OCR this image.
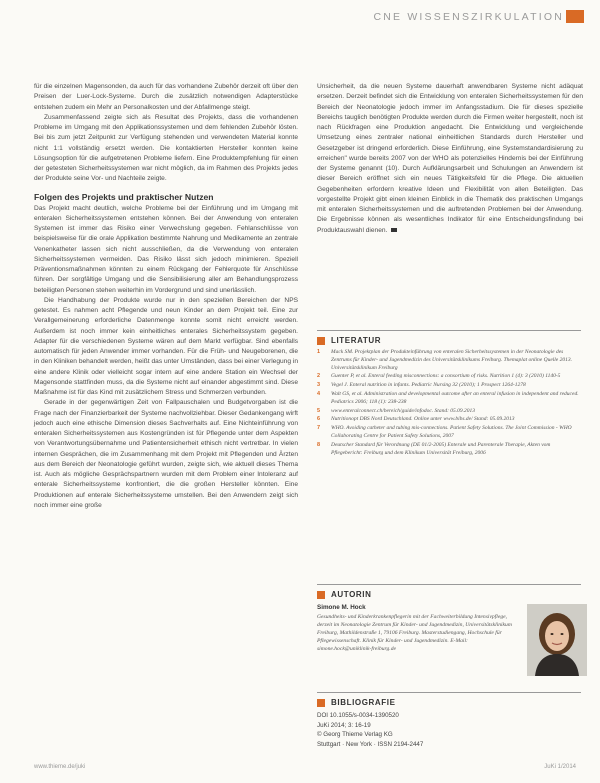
CNE WISSENSZIRKULATION

für die einzelnen Magensonden, da auch für das vorhandene Zubehör derzeit oft über den Preisen der Luer-Lock-Systeme. Durch die zusätzlich notwendigen Adapterstücke entstehen zudem ein Mehr an Personalkosten und der Abfallmenge steigt.

Zusammenfassend zeigte sich als Resultat des Projekts, dass die vorhandenen Probleme im Umgang mit den Applikationssystemen und dem fehlenden Zubehör lösten. Bei bis zum jetzt Zeitpunkt zur Verfügung stehenden und verwendeten Material konnte nicht 1:1 vollständig ersetzt werden. Die kontaktierten Hersteller konnten keine Lösungsoption für die aufgetretenen Probleme liefern. Eine Produktempfehlung für einen der getesteten Sicherheitssystemen war nicht möglich, da im Rahmen des Projekts jedes der Produkte seine Vor- und Nachteile zeigte.

Folgen des Projekts und praktischer Nutzen

Das Projekt macht deutlich, welche Probleme bei der Einführung und im Umgang mit enteralen Sicherheitssystemen entstehen können. Bei der Anwendung von enteralen Systemen ist immer das Risiko einer Verwechslung gegeben. Fehlanschlüsse von beispielsweise für die orale Applikation bestimmte Nahrung und Medikamente an zentrale Venenkatheter lassen sich nicht ausschließen, da die Verwendung von enteralen Sicherheitssystemen vermeiden. Das Risiko lässt sich jedoch minimieren. Speziell Präventionsmaßnahmen könnten zu einem Rückgang der Fehlerquote für Anschlüsse führen. Der sorgfältige Umgang und die Sensibilisierung aller am Behandlungsprozess beteiligten Personen stehen weiterhin im Vordergrund und sind unerlässlich.

Die Handhabung der Produkte wurde nur in den speziellen Bereichen der NPS getestet. Es nahmen acht Pflegende und neun Kinder an dem Projekt teil. Eine zur Verallgemeinerung erforderliche Datenmenge konnte somit nicht erreicht werden. Außerdem ist noch immer kein einheitliches enterales Sicherheitssystem gegeben. Adapter für die verschiedenen Systeme wären auf dem Markt verfügbar. Sind ebenfalls automatisch für jeden Anwender immer vorhanden. Für die Früh- und Neugeborenen, die in den Kliniken behandelt werden, heißt das unter Umständen, dass bei einer Verlegung in eine andere Klinik oder vielleicht sogar intern auf eine andere Station ein Wechsel der Magensonde stattfinden muss, da die Systeme nicht auf einander abgestimmt sind. Diese Maßnahme ist für das Kind mit zusätzlichem Stress und Schmerzen verbunden.

Gerade in der gegenwärtigen Zeit von Fallpauschalen und Budgetvorgaben ist die Frage nach der Finanzierbarkeit der Systeme nachvollziehbar. Dieser Gedankengang wirft jedoch auch eine ethische Dimension dieses Sachverhalts auf. Eine Nichteinführung von enteralen Sicherheitssystemen aus Kostengründen ist für Pflegende unter dem Aspekten von Verantwortungsübernahme und Patientensicherheit ethisch nicht vertretbar. In vielen internen Gesprächen, die im Zusammenhang mit dem Projekt mit Pflegenden und Ärzten aus dem Bereich der Neonatologie geführt wurden, zeigte sich, wie aktuell dieses Thema ist. Auch als mögliche Gesprächspartnern wurden mit dem Problem einer Intoleranz auf enterale Sicherheitssysteme konfrontiert, die die großen Hersteller könnten. Eine Produktionen auf enterale Sicherheitssysteme umstellen. Bei den Anwendern zeigt sich noch immer eine große

Unsicherheit, da die neuen Systeme dauerhaft anwendbaren Systeme nicht adäquat ersetzen. Derzeit befindet sich die Entwicklung von enteralen Sicherheitssystemen für den Bereich der Neonatologie jedoch immer im Anfangsstadium. Die für dieses spezielle Bereichs tauglich benötigten Produkte werden durch die Firmen weiter hergestellt, noch ist nach Rückfragen eine Produktion angedacht. Die Entwicklung und vergleichende Umsetzung eines zentraler national einheitlichen Standards durch Hersteller und Gesetzgeber ist dringend erforderlich. Diese Einführung, eine Systemstandardisierung zu erreichen" wurde bereits 2007 von der WHO als potenzielles Hindernis bei der Einführung der Systeme genannt (10). Durch Aufklärungsarbeit und Schulungen an Anwendern ist dieser Bereich eröffnet sich ein neues Tätigkeitsfeld für die Pflege. Die aktuellen Gegebenheiten erfordern kreative Ideen und Flexibilität von allen Beteiligten. Das vorgestellte Projekt gibt einen kleinen Einblick in die Thematik des praktischen Umgangs mit enteralen Sicherheitssystemen und die auftretenden Problemen bei der Anwendung. Die Ergebnisse können als wesentliches Indikator für eine Entscheidungsfindung bei Produktauswahl dienen.

LITERATUR
1	Mack SM. Projektplan der Produkteinführung von enteralen Sicherheitssystemen in der Neonatologie des Zentrums für Kinder- und Jugendmedizin des Universitätsklinikums Freiburg. Themaplat online Quelle 2013. Universitätsklinikum Freiburg
2	Guenter P, et al. Enteral feeding misconnections: a consortium of risks. Nutrition 1 (4): 3 (2010) 1140-5
3	Vegel J. Enteral nutrition in infants. Pediatric Nursing 32 (2010); 1 Prospect 1264-1278
4	Walt GS, et al. Administration and developmental outcome after an enteral infusion in independent and reduced. Pediatrics 2006; 118 (1): 238-238
5	www.enteralconnect.ch/bereich/guide/infodoc. Stand: 05.09.2013
6	Nutritionopt DBS Nord Deutschland. Online unter www.bibs.de/ Stand: 05.09.2013
7	WHO. Avoiding catheter and tubing mis-connections. Patient Safety Solutions. The Joint Commission - WHO Collaborating Centre for Patient Safety Solutions, 2007
8	Deutscher Standard für Verordnung (DE 01/2-2005) Enterale und Parenterale Therapie, Akten vom Pflegebericht: Freiburg und dem Klinikum Universität Freiburg, 2006
AUTORIN
Simone M. Hock
Gesundheits- und Kinderkrankenpflegerin mit der Fachweiterbildung Intensivpflege, derzeit im Neonatologie Zentrum für Kinder- und Jugendmedizin, Universitätsklinikum Freiburg, Mathildenstraße 1, 79106 Freiburg. Masterstudiengang, Hochschule für Pflegewissenschaft. Klinik für Kinder- und Jugendmedizin. E-Mail: simone.hock@uniklinik-freiburg.de
BIBLIOGRAFIE
DOI 10.1055/s-0034-1390520
JuKi 2014; 3: 16-19
© Georg Thieme Verlag KG
Stuttgart · New York · ISSN 2194-2447
www.thieme.de/juki	JuKi 1/2014
